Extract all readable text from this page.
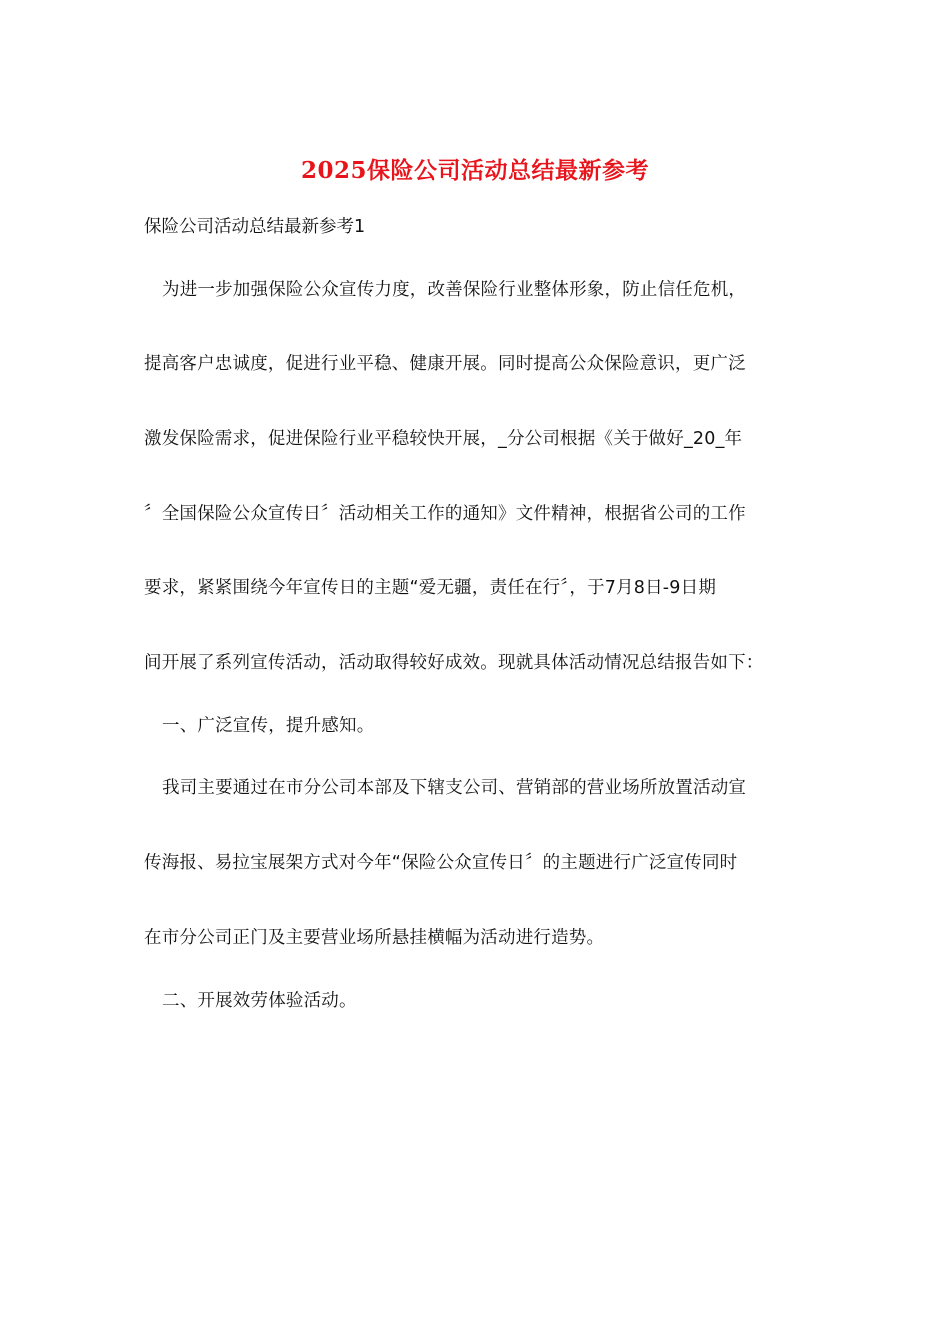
2025保险公司活动总结最新参考
保险公司活动总结最新参考1
为进一步加强保险公众宣传力度，改善保险行业整体形象，防止信任危机，
提高客户忠诚度，促进行业平稳、健康开展。同时提高公众保险意识，更广泛
激发保险需求，促进保险行业平稳较快开展，_分公司根据《关于做好_20_年
〞全国保险公众宣传日〞活动相关工作的通知》文件精神，根据省公司的工作
要求，紧紧围绕今年宣传日的主题“爱无疆，责任在行〞，于7月8日-9日期
间开展了系列宣传活动，活动取得较好成效。现就具体活动情况总结报告如下：
一、广泛宣传，提升感知。
我司主要通过在市分公司本部及下辖支公司、营销部的营业场所放置活动宣
传海报、易拉宝展架方式对今年“保险公众宣传日〞的主题进行广泛宣传同时
在市分公司正门及主要营业场所悬挂横幅为活动进行造势。
二、开展效劳体验活动。
